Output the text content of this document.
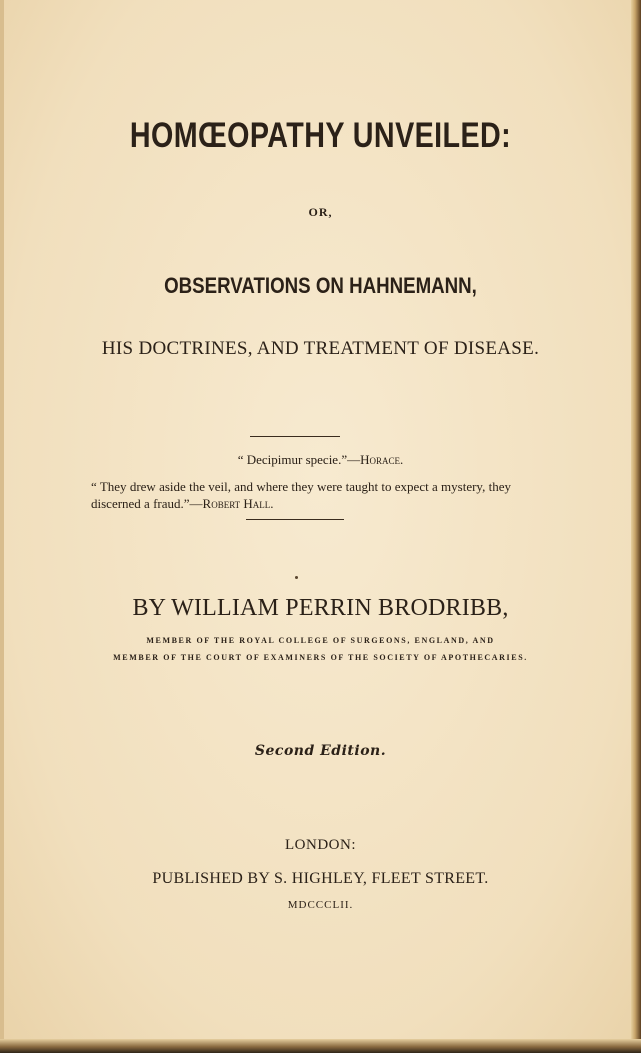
HOMŒOPATHY UNVEILED:
OR,
OBSERVATIONS ON HAHNEMANN,
HIS DOCTRINES, AND TREATMENT OF DISEASE.
“ Decipimur specie.”—Horace.
“ They drew aside the veil, and where they were taught to expect a mystery, they discerned a fraud.”—Robert Hall.
BY WILLIAM PERRIN BRODRIBB,
MEMBER OF THE ROYAL COLLEGE OF SURGEONS, ENGLAND, AND
MEMBER OF THE COURT OF EXAMINERS OF THE SOCIETY OF APOTHECARIES.
Second Edition.
LONDON:
PUBLISHED BY S. HIGHLEY, FLEET STREET.
MDCCCLII.
